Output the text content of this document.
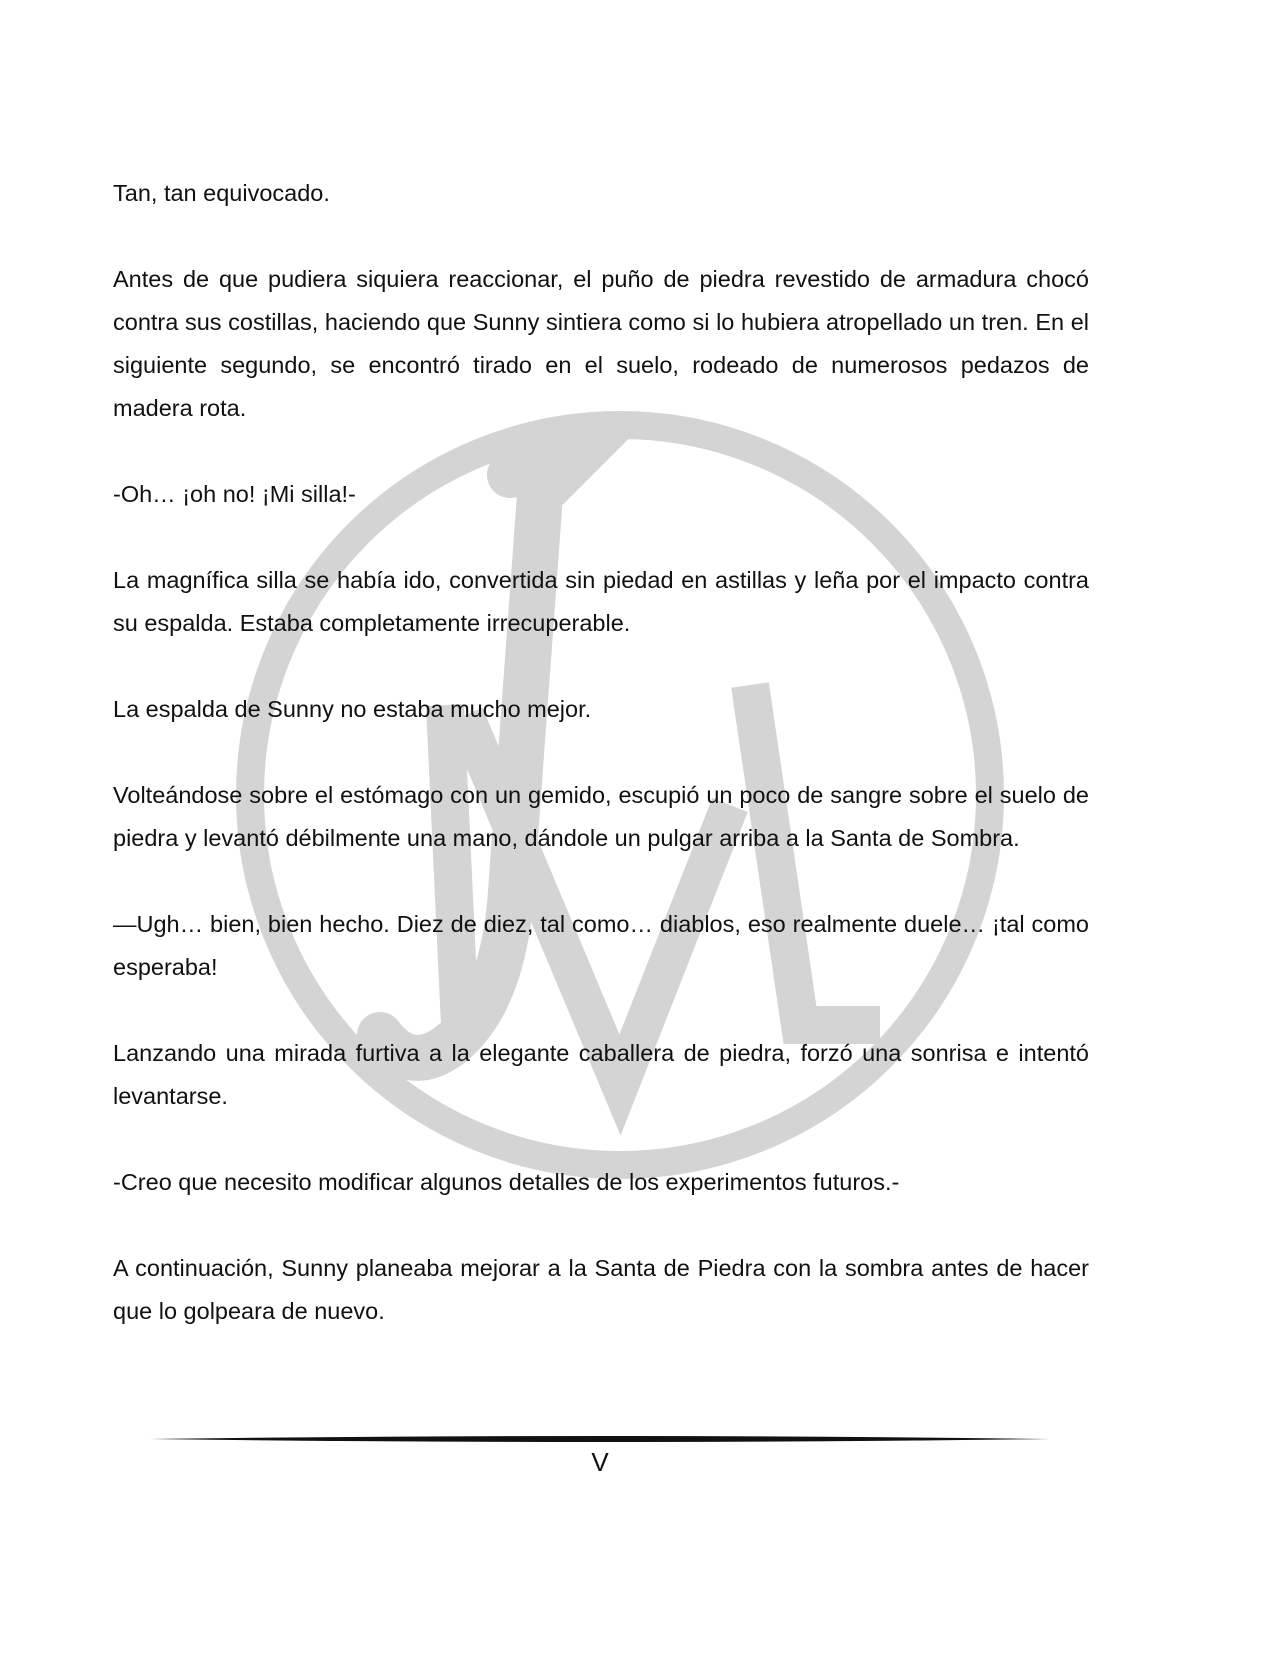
Tan, tan equivocado.

Antes de que pudiera siquiera reaccionar, el puño de piedra revestido de armadura chocó contra sus costillas, haciendo que Sunny sintiera como si lo hubiera atropellado un tren. En el siguiente segundo, se encontró tirado en el suelo, rodeado de numerosos pedazos de madera rota.

-Oh… ¡oh no! ¡Mi silla!-

La magnífica silla se había ido, convertida sin piedad en astillas y leña por el impacto contra su espalda. Estaba completamente irrecuperable.

La espalda de Sunny no estaba mucho mejor.

Volteándose sobre el estómago con un gemido, escupió un poco de sangre sobre el suelo de piedra y levantó débilmente una mano, dándole un pulgar arriba a la Santa de Sombra.

—Ugh… bien, bien hecho. Diez de diez, tal como… diablos, eso realmente duele… ¡tal como esperaba!

Lanzando una mirada furtiva a la elegante caballera de piedra, forzó una sonrisa e intentó levantarse.

-Creo que necesito modificar algunos detalles de los experimentos futuros.-

A continuación, Sunny planeaba mejorar a la Santa de Piedra con la sombra antes de hacer que lo golpeara de nuevo.

V
